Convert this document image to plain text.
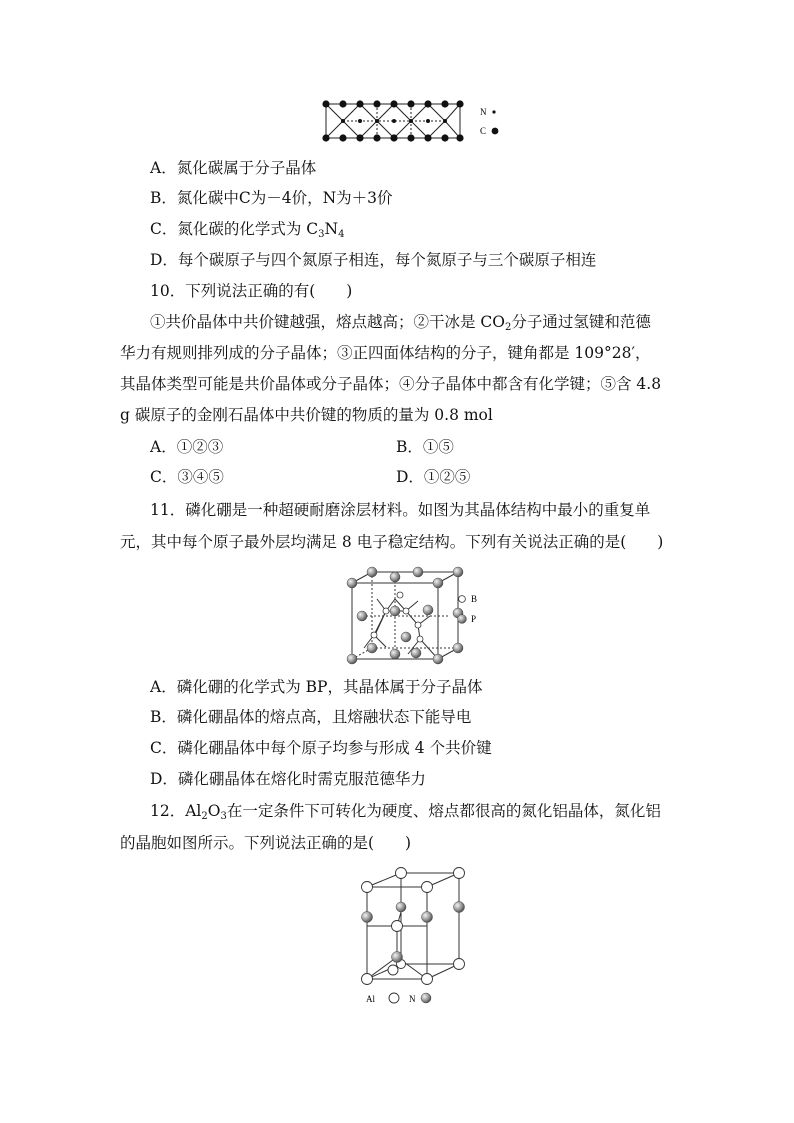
N
C
A．氮化碳属于分子晶体
B．氮化碳中C为－4价，N为＋3价
C．氮化碳的化学式为 $C_3N_4$
D．每个碳原子与四个氮原子相连，每个氮原子与三个碳原子相连
10．下列说法正确的有(　　)
①共价晶体中共价键越强，熔点越高；②干冰是 $CO_2$分子通过氢键和范德
华力有规则排列成的分子晶体；③正四面体结构的分子，键角都是 109°28′，
其晶体类型可能是共价晶体或分子晶体；④分子晶体中都含有化学键；⑤含 4.8
g 碳原子的金刚石晶体中共价键的物质的量为 0.8 mol
A．①②③	B．①⑤
C．③④⑤	D．①②⑤
11．磷化硼是一种超硬耐磨涂层材料。如图为其晶体结构中最小的重复单
元，其中每个原子最外层均满足 8 电子稳定结构。下列有关说法正确的是(　　)
B
P
A．磷化硼的化学式为 BP，其晶体属于分子晶体
B．磷化硼晶体的熔点高，且熔融状态下能导电
C．磷化硼晶体中每个原子均参与形成 4 个共价键
D．磷化硼晶体在熔化时需克服范德华力
12．$Al_2O_3$在一定条件下可转化为硬度、熔点都很高的氮化铝晶体，氮化铝
的晶胞如图所示。下列说法正确的是(　　)
Al	N
